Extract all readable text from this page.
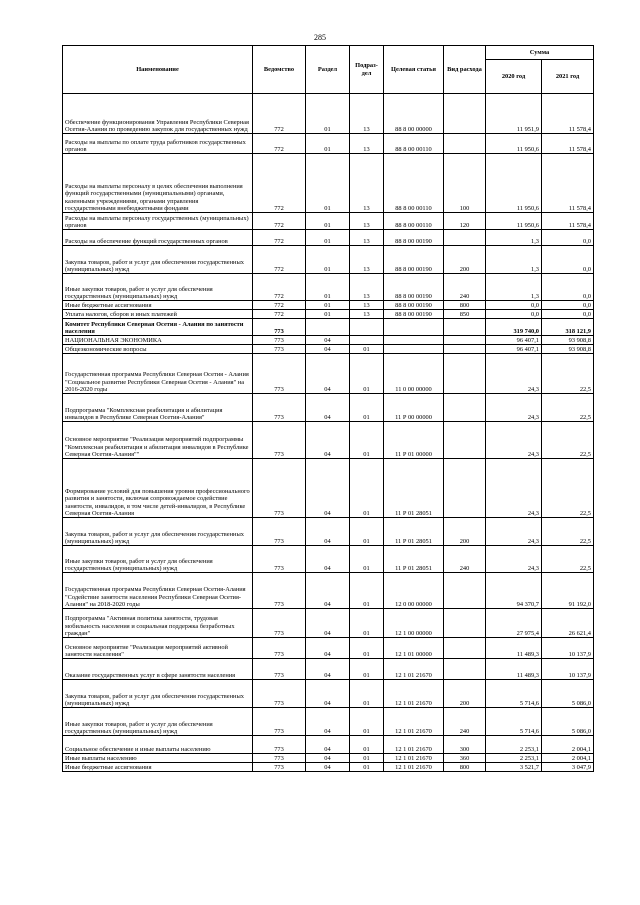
285
Наименование	Ведомство	Раздел	Подраз-дел	Целевая статья	Вид расхода	Сумма	
						2020 год	2021 год
Обеспечение функционирования Управления Республики Северная Осетия-Алания по проведению закупок для государственных нужд	772	01	13	88 8 00 00000		11 951,9	11 578,4
Расходы на выплаты по оплате труда работников государственных органов	772	01	13	88 8 00 00110		11 950,6	11 578,4
Расходы на выплаты персоналу в целях обеспечения выполнения функций государственными (муниципальными) органами, казенными учреждениями, органами управления государственными внебюджетными фондами	772	01	13	88 8 00 00110	100	11 950,6	11 578,4
Расходы на выплаты персоналу государственных (муниципальных) органов	772	01	13	88 8 00 00110	120	11 950,6	11 578,4
Расходы на обеспечение функций государственных органов	772	01	13	88 8 00 00190		1,3	0,0
Закупка товаров, работ и услуг для обеспечения государственных (муниципальных) нужд	772	01	13	88 8 00 00190	200	1,3	0,0
Иные закупки товаров, работ и услуг для обеспечения государственных (муниципальных) нужд	772	01	13	88 8 00 00190	240	1,3	0,0
Иные бюджетные ассигнования	772	01	13	88 8 00 00190	800	0,0	0,0
Уплата налогов, сборов и иных платежей	772	01	13	88 8 00 00190	850	0,0	0,0
Комитет Республики Северная Осетия - Алания по занятости населения	773					319 740,0	318 121,9
НАЦИОНАЛЬНАЯ ЭКОНОМИКА	773	04				96 407,1	93 908,8
Общеэкономические вопросы	773	04	01			96 407,1	93 908,8
Государственная программа Республики Северная Осетия - Алания "Социальное развитие Республики Северная Осетия - Алания" на 2016-2020 годы	773	04	01	11 0 00 00000		24,3	22,5
Подпрограмма "Комплексная реабилитация и абилитация инвалидов в Республике Северная Осетия-Алания"	773	04	01	11 Р 00 00000		24,3	22,5
Основное мероприятие "Реализация мероприятий подпрограммы "Комплексная реабилитация и абилитация инвалидов в Республике Северная Осетия-Алания""	773	04	01	11 Р 01 00000		24,3	22,5
Формирование условий для повышения уровня профессионального развития и занятости, включая сопровождаемое содействие занятости, инвалидов, в том числе детей-инвалидов, в Республике Северная Осетия-Алания	773	04	01	11 Р 01 28051		24,3	22,5
Закупка товаров, работ и услуг для обеспечения государственных (муниципальных) нужд	773	04	01	11 Р 01 28051	200	24,3	22,5
Иные закупки товаров, работ и услуг для обеспечения государственных (муниципальных) нужд	773	04	01	11 Р 01 28051	240	24,3	22,5
Государственная программа Республики Северная Осетия-Алания "Содействие занятости населения Республики Северная Осетия-Алания" на 2018-2020 годы	773	04	01	12 0 00 00000		94 370,7	91 192,0
Подпрограмма "Активная политика занятости, трудовая мобильность населения и социальная поддержка безработных граждан"	773	04	01	12 1 00 00000		27 975,4	26 621,4
Основное мероприятие "Реализация мероприятий активной занятости населения"	773	04	01	12 1 01 00000		11 489,3	10 137,9
Оказание государственных услуг в сфере занятости населения	773	04	01	12 1 01 21670		11 489,3	10 137,9
Закупка товаров, работ и услуг для обеспечения государственных (муниципальных) нужд	773	04	01	12 1 01 21670	200	5 714,6	5 086,0
Иные закупки товаров, работ и услуг для обеспечения государственных (муниципальных) нужд	773	04	01	12 1 01 21670	240	5 714,6	5 086,0
Социальное обеспечение и иные выплаты населению	773	04	01	12 1 01 21670	300	2 253,1	2 004,1
Иные выплаты населению	773	04	01	12 1 01 21670	360	2 253,1	2 004,1
Иные бюджетные ассигнования	773	04	01	12 1 01 21670	800	3 521,7	3 047,9
